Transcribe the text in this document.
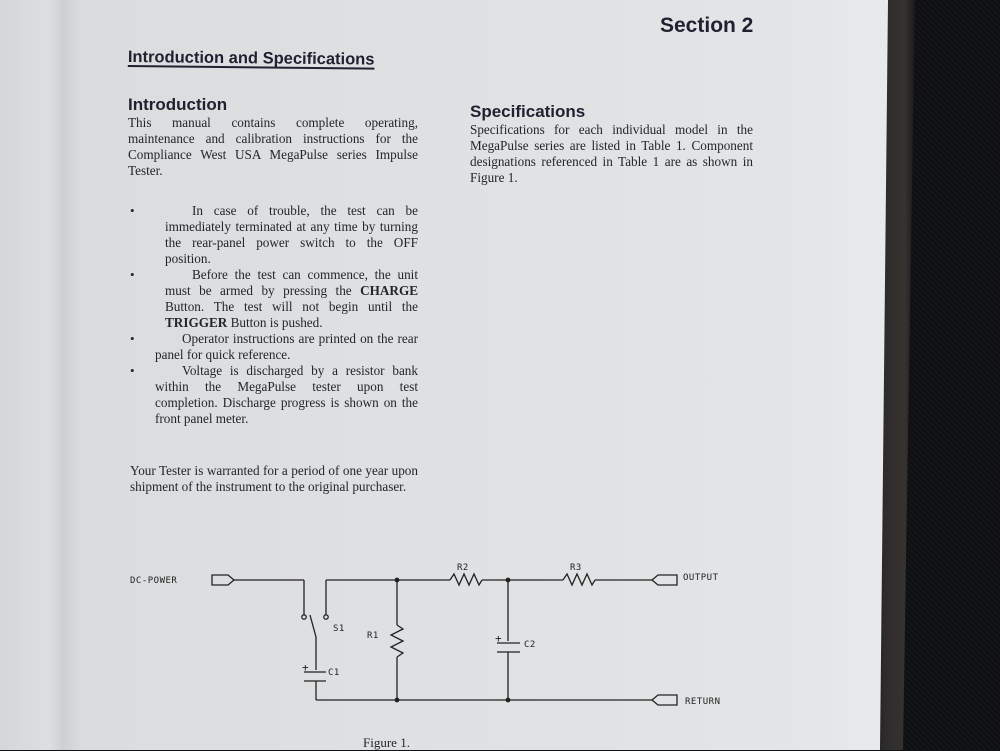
Section 2
Introduction and Specifications
Introduction

This manual contains complete operating, maintenance and calibration instructions for the Compliance West USA MegaPulse series Impulse Tester.

•	In case of trouble, the test can be immediately terminated at any time by turning the rear-panel power switch to the OFF position.
•	Before the test can commence, the unit must be armed by pressing the CHARGE Button. The test will not begin until the TRIGGER Button is pushed.
•	Operator instructions are printed on the rear panel for quick reference.
•	Voltage is discharged by a resistor bank within the MegaPulse tester upon test completion. Discharge progress is shown on the front panel meter.

Your Tester is warranted for a period of one year upon shipment of the instrument to the original purchaser.

Specifications

Specifications for each individual model in the MegaPulse series are listed in Table 1. Component designations referenced in Table 1 are as shown in Figure 1.

DC-POWER
S1
R1
C1
+
R2
C2
+
R3
OUTPUT
RETURN
Figure 1.
